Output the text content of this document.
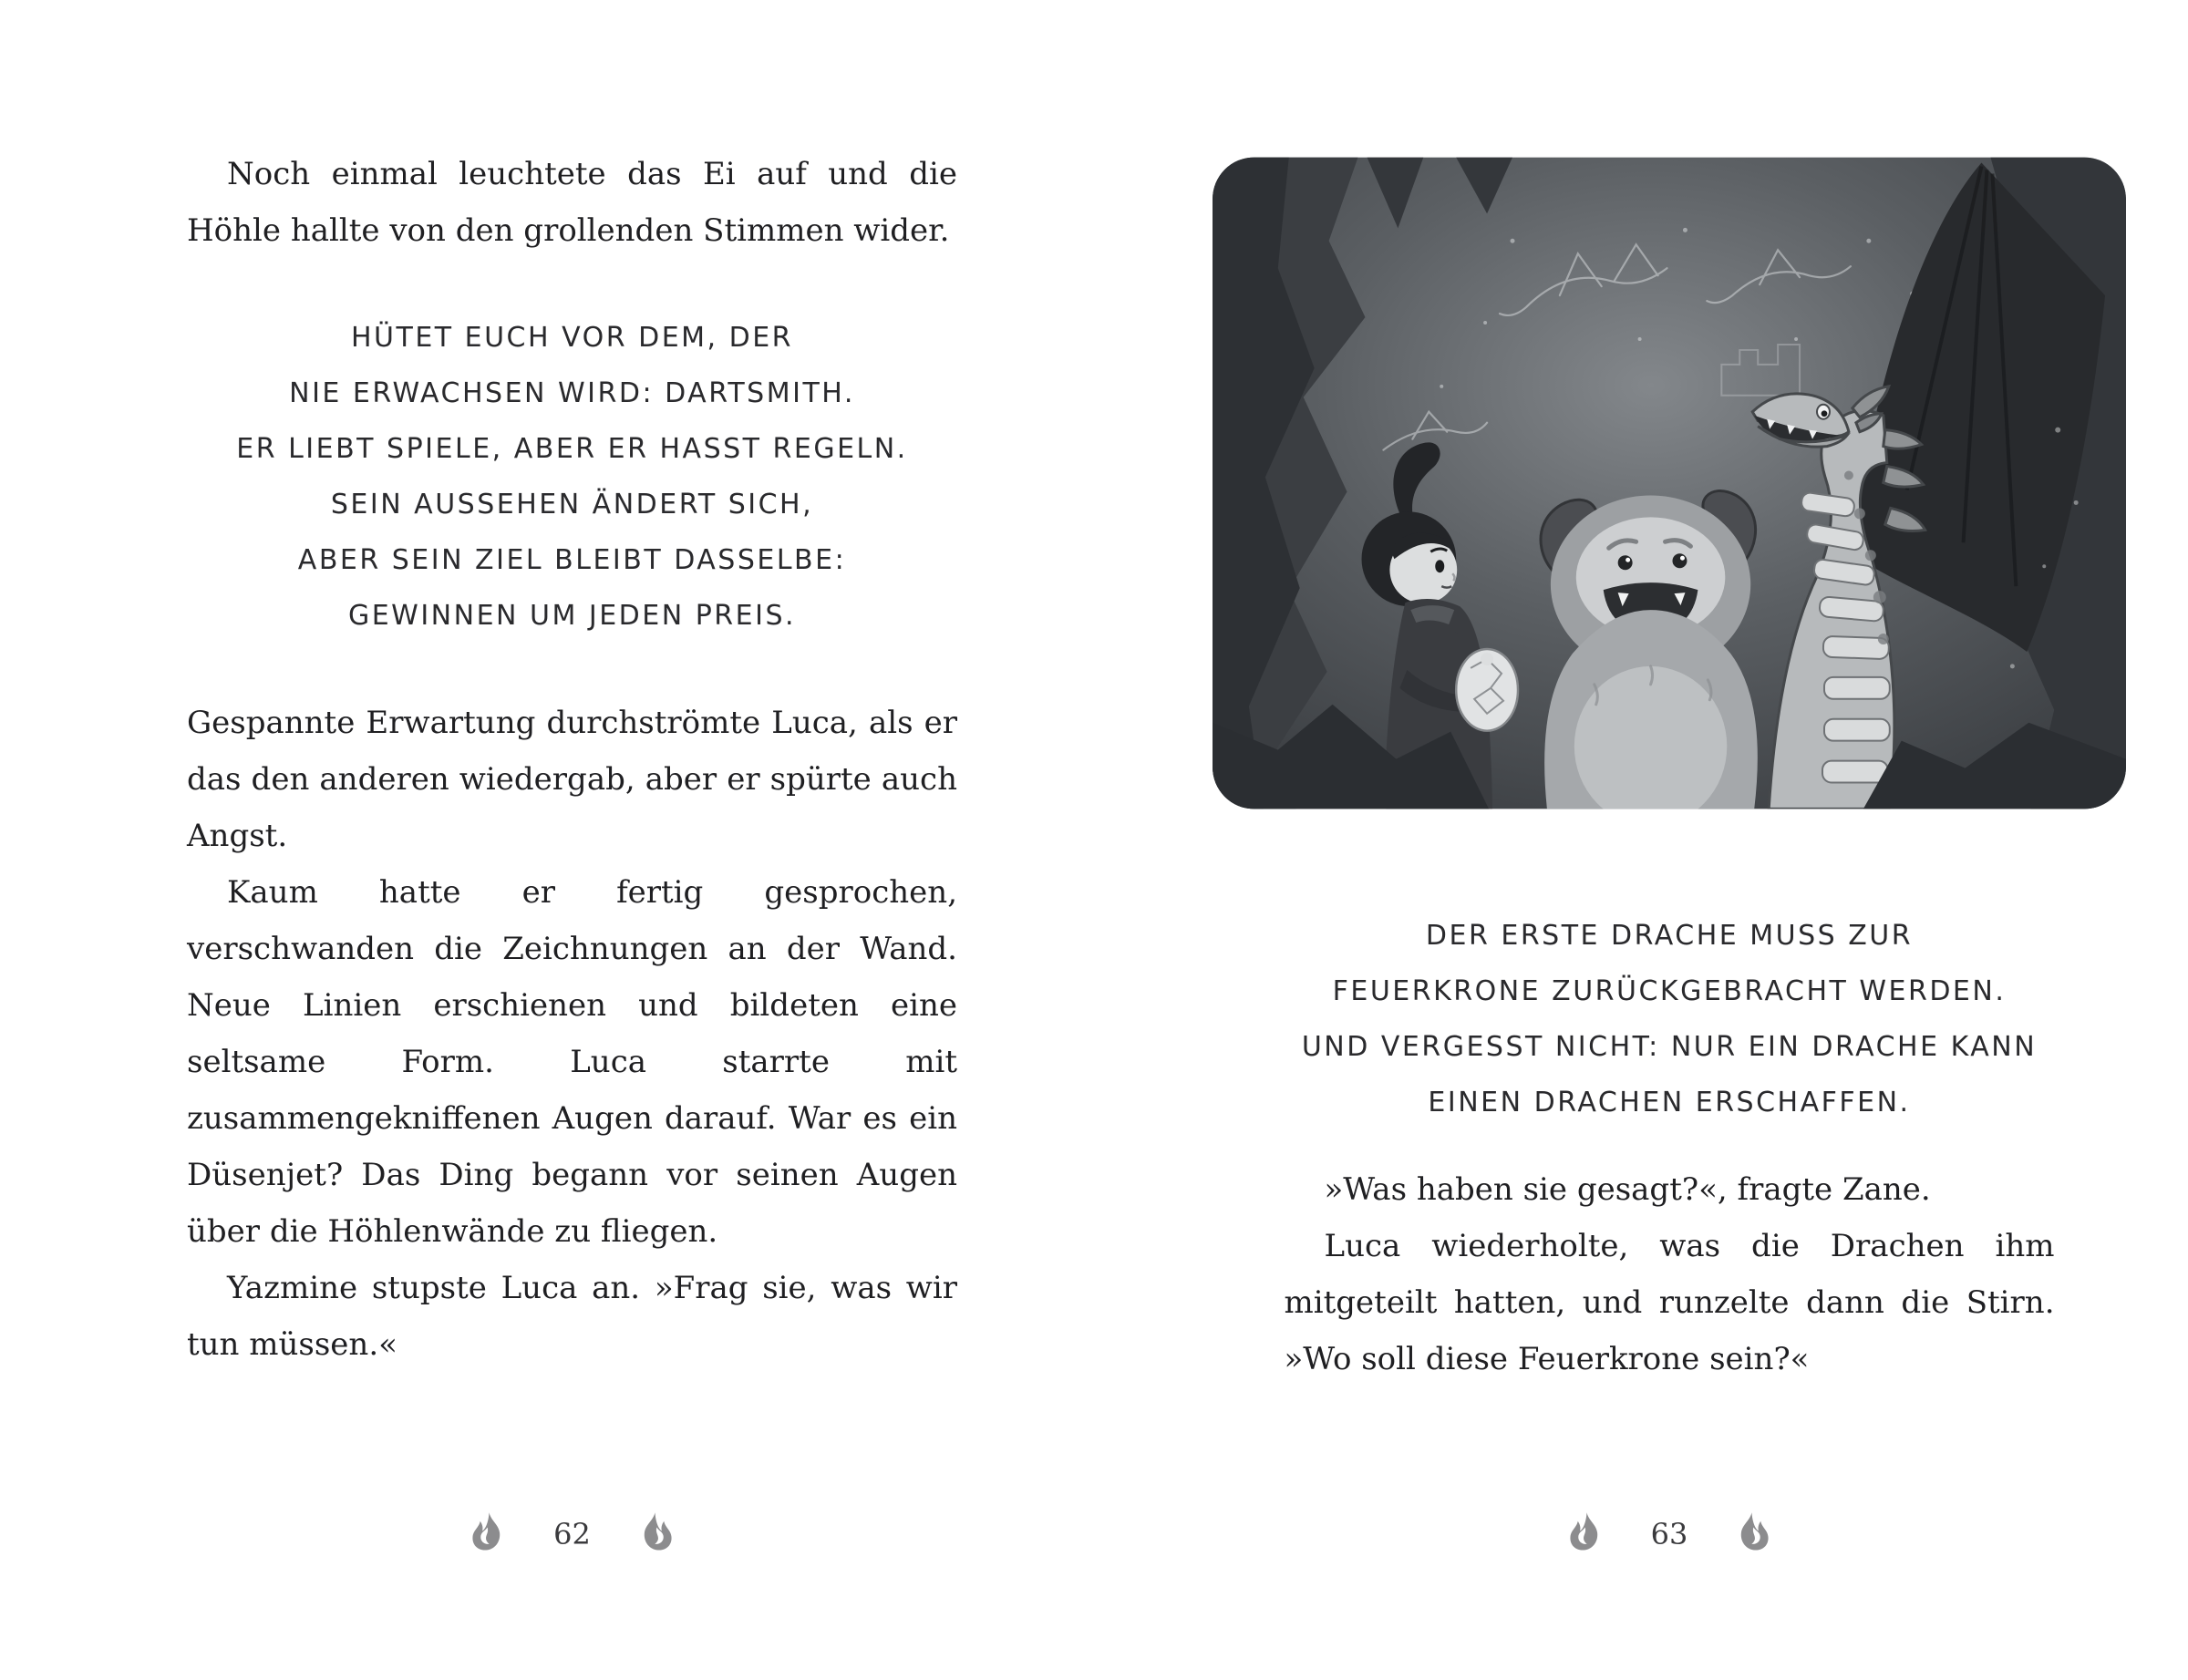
Noch einmal leuchtete das Ei auf und die Höhle hallte von den grollenden Stimmen wider.

HÜTET EUCH VOR DEM, DER
NIE ERWACHSEN WIRD: DARTSMITH.
ER LIEBT SPIELE, ABER ER HASST REGELN.
SEIN AUSSEHEN ÄNDERT SICH,
ABER SEIN ZIEL BLEIBT DASSELBE:
GEWINNEN UM JEDEN PREIS.

Gespannte Erwartung durchströmte Luca, als er das den anderen wiedergab, aber er spürte auch Angst.

Kaum hatte er fertig gesprochen, verschwanden die Zeichnungen an der Wand. Neue Linien erschienen und bildeten eine seltsame Form. Luca starrte mit zusammengekniffenen Augen darauf. War es ein Düsenjet? Das Ding begann vor seinen Augen über die Höhlenwände zu fliegen.

Yazmine stupste Luca an. »Frag sie, was wir tun müssen.«

62
DER ERSTE DRACHE MUSS ZUR
FEUERKRONE ZURÜCKGEBRACHT WERDEN.
UND VERGESST NICHT: NUR EIN DRACHE KANN
EINEN DRACHEN ERSCHAFFEN.

»Was haben sie gesagt?«, fragte Zane.

Luca wiederholte, was die Drachen ihm mitgeteilt hatten, und runzelte dann die Stirn. »Wo soll diese Feuerkrone sein?«

63
